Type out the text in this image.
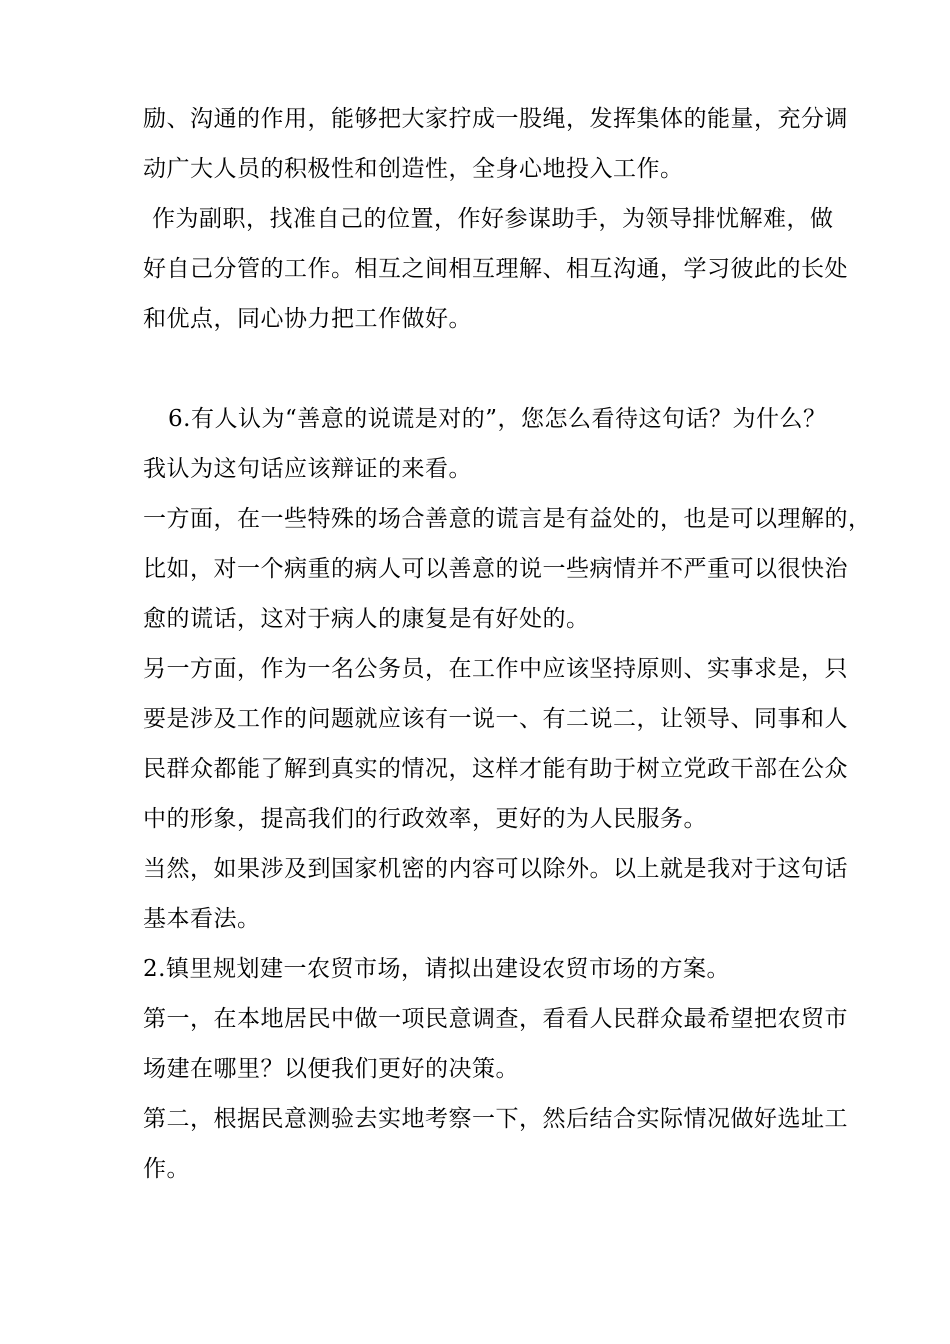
励、沟通的作用，能够把大家拧成一股绳，发挥集体的能量，充分调
动广大人员的积极性和创造性，全身心地投入工作。
作为副职，找准自己的位置，作好参谋助手，为领导排忧解难，做
好自己分管的工作。相互之间相互理解、相互沟通，学习彼此的长处
和优点，同心协力把工作做好。
6.有人认为“善意的说谎是对的”，您怎么看待这句话？为什么？
我认为这句话应该辩证的来看。
一方面，在一些特殊的场合善意的谎言是有益处的，也是可以理解的，
比如，对一个病重的病人可以善意的说一些病情并不严重可以很快治
愈的谎话，这对于病人的康复是有好处的。
另一方面，作为一名公务员，在工作中应该坚持原则、实事求是，只
要是涉及工作的问题就应该有一说一、有二说二，让领导、同事和人
民群众都能了解到真实的情况，这样才能有助于树立党政干部在公众
中的形象，提高我们的行政效率，更好的为人民服务。
当然，如果涉及到国家机密的内容可以除外。以上就是我对于这句话
基本看法。
2.镇里规划建一农贸市场，请拟出建设农贸市场的方案。
第一，在本地居民中做一项民意调查，看看人民群众最希望把农贸市
场建在哪里？以便我们更好的决策。
第二，根据民意测验去实地考察一下，然后结合实际情况做好选址工
作。
